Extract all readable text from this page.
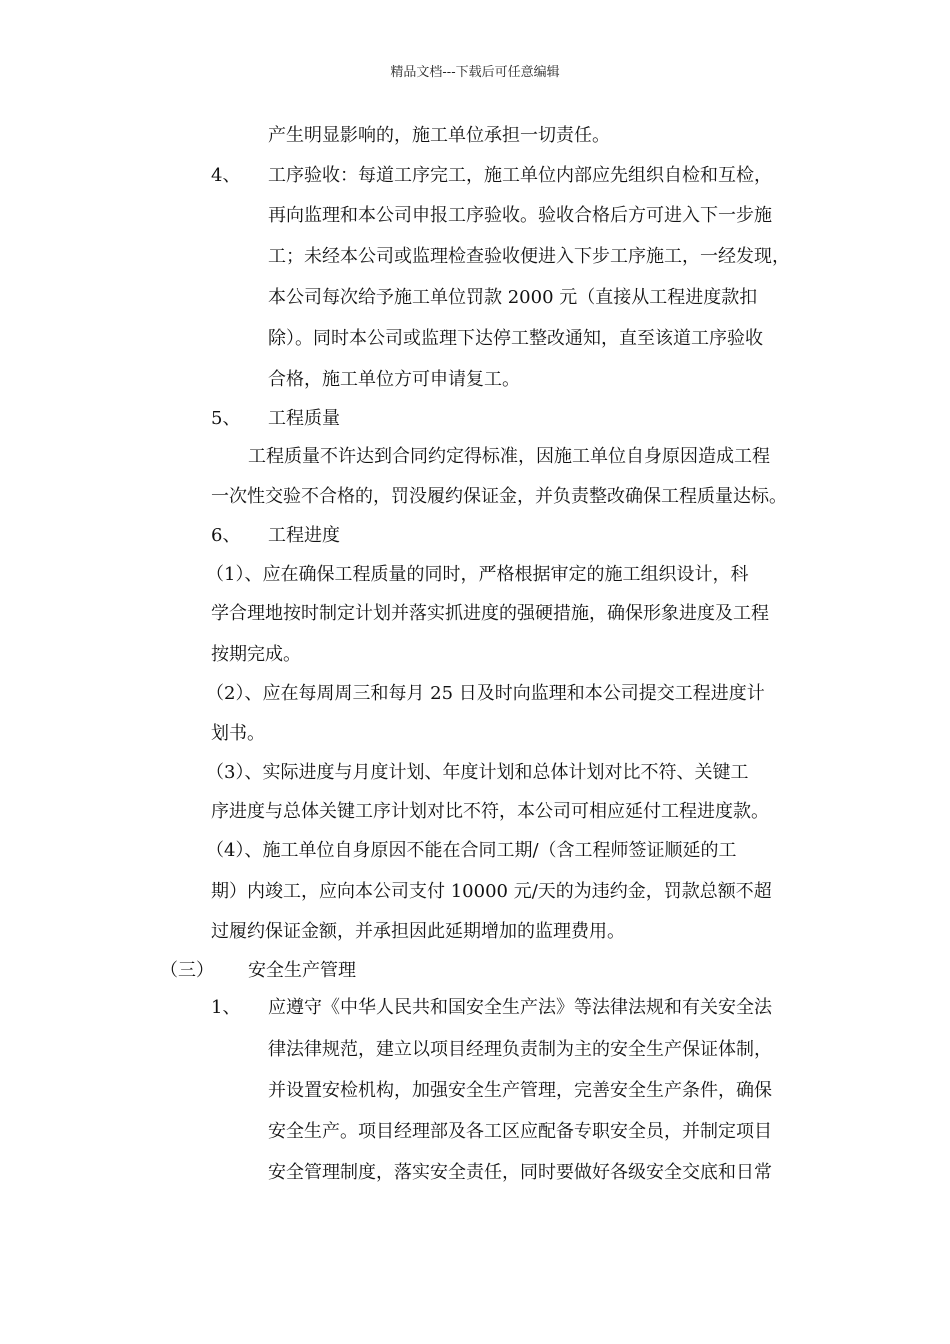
精品文档---下载后可任意编辑
产生明显影响的，施工单位承担一切责任。
4、 工序验收：每道工序完工，施工单位内部应先组织自检和互检，
再向监理和本公司申报工序验收。验收合格后方可进入下一步施
工；未经本公司或监理检查验收便进入下步工序施工，一经发现，
本公司每次给予施工单位罚款 2000 元（直接从工程进度款扣
除）。同时本公司或监理下达停工整改通知，直至该道工序验收
合格，施工单位方可申请复工。
5、 工程质量
工程质量不许达到合同约定得标准，因施工单位自身原因造成工程
一次性交验不合格的，罚没履约保证金，并负责整改确保工程质量达标。
6、 工程进度
（1）、应在确保工程质量的同时，严格根据审定的施工组织设计，科
学合理地按时制定计划并落实抓进度的强硬措施，确保形象进度及工程
按期完成。
（2）、应在每周周三和每月 25 日及时向监理和本公司提交工程进度计
划书。
（3）、实际进度与月度计划、年度计划和总体计划对比不符、关键工
序进度与总体关键工序计划对比不符，本公司可相应延付工程进度款。
（4）、施工单位自身原因不能在合同工期/（含工程师签证顺延的工
期）内竣工，应向本公司支付 10000 元/天的为违约金，罚款总额不超
过履约保证金额，并承担因此延期增加的监理费用。
（三） 安全生产管理
1、 应遵守《中华人民共和国安全生产法》等法律法规和有关安全法
律法律规范，建立以项目经理负责制为主的安全生产保证体制，
并设置安检机构，加强安全生产管理，完善安全生产条件，确保
安全生产。项目经理部及各工区应配备专职安全员，并制定项目
安全管理制度，落实安全责任，同时要做好各级安全交底和日常
